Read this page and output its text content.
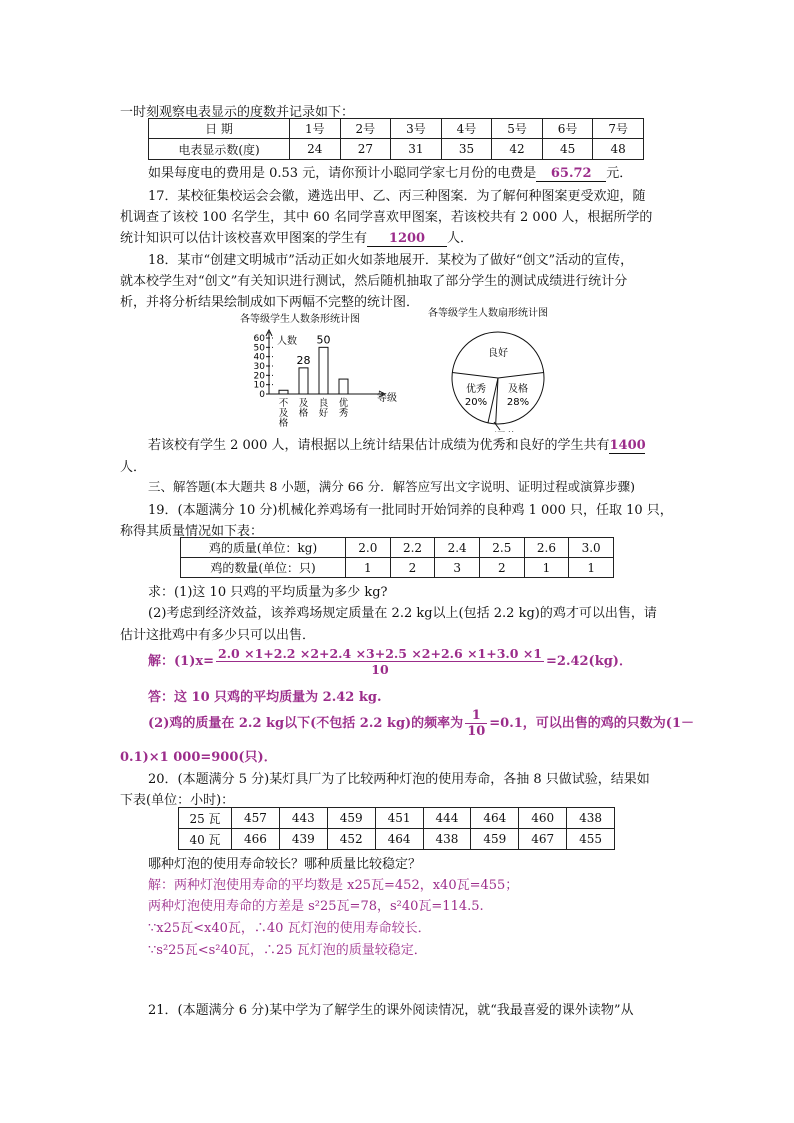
一时刻观察电表显示的度数并记录如下：
日 期	1号	2号	3号	4号	5号	6号	7号
电表显示数(度)	24	27	31	35	42	45	48
如果每度电的费用是 0.53 元，请你预计小聪同学家七月份的电费是 65.72 元．
17．某校征集校运会会徽，遴选出甲、乙、丙三种图案．为了解何种图案更受欢迎，随
机调查了该校 100 名学生，其中 60 名同学喜欢甲图案，若该校共有 2 000 人，根据所学的
统计知识可以估计该校喜欢甲图案的学生有 1200 人．
18．某市“创建文明城市”活动正如火如荼地展开．某校为了做好“创文”活动的宣传，
就本校学生对“创文”有关知识进行测试，然后随机抽取了部分学生的测试成绩进行统计分
析，并将分析结果绘制成如下两幅不完整的统计图．
各等级学生人数条形统计图
人数
等级
0
10
20
30
40
50
60
不
及
格
28
及
格
50
良
好
优
秀
各等级学生人数扇形统计图
良好
优秀
20%
及格
28%
若该校有学生 2 000 人，请根据以上统计结果估计成绩为优秀和良好的学生共有1400
人．
三、解答题(本大题共 8 小题，满分 66 分．解答应写出文字说明、证明过程或演算步骤)
19．(本题满分 10 分)机械化养鸡场有一批同时开始饲养的良种鸡 1 000 只，任取 10 只，
称得其质量情况如下表：
鸡的质量(单位：kg)	2.0	2.2	2.4	2.5	2.6	3.0
鸡的数量(单位：只)	1	2	3	2	1	1
求：(1)这 10 只鸡的平均质量为多少 kg?
(2)考虑到经济效益，该养鸡场规定质量在 2.2 kg以上(包括 2.2 kg)的鸡才可以出售，请
估计这批鸡中有多少只可以出售．
解：$(1)x= \frac{2.0 \times 1+2.2 \times 2+2.4 \times 3+2.5 \times 2+2.6 \times 1+3.0 \times 1}{10} =2.42(kg)$．
答：这 10 只鸡的平均质量为 2.42 kg.
(2)鸡的质量在 2.2 kg以下(不包括 2.2 kg)的频率为 $\frac{1}{10} =0.1$，可以出售的鸡的只数为(1－
0.1)×1 000=900(只)．
20．(本题满分 5 分)某灯具厂为了比较两种灯泡的使用寿命，各抽 8 只做试验，结果如
下表(单位：小时)：
25 瓦	457	443	459	451	444	464	460	438
40 瓦	466	439	452	464	438	459	467	455
哪种灯泡的使用寿命较长？哪种质量比较稳定？
解：两种灯泡使用寿命的平均数是 x25瓦=452，x40瓦=455；
两种灯泡使用寿命的方差是 s²25瓦=78，s²40瓦=114.5.
∵x25瓦<x40瓦，∴40 瓦灯泡的使用寿命较长．
∵s²25瓦<s²40瓦，∴25 瓦灯泡的质量较稳定．
21．(本题满分 6 分)某中学为了解学生的课外阅读情况，就“我最喜爱的课外读物”从
